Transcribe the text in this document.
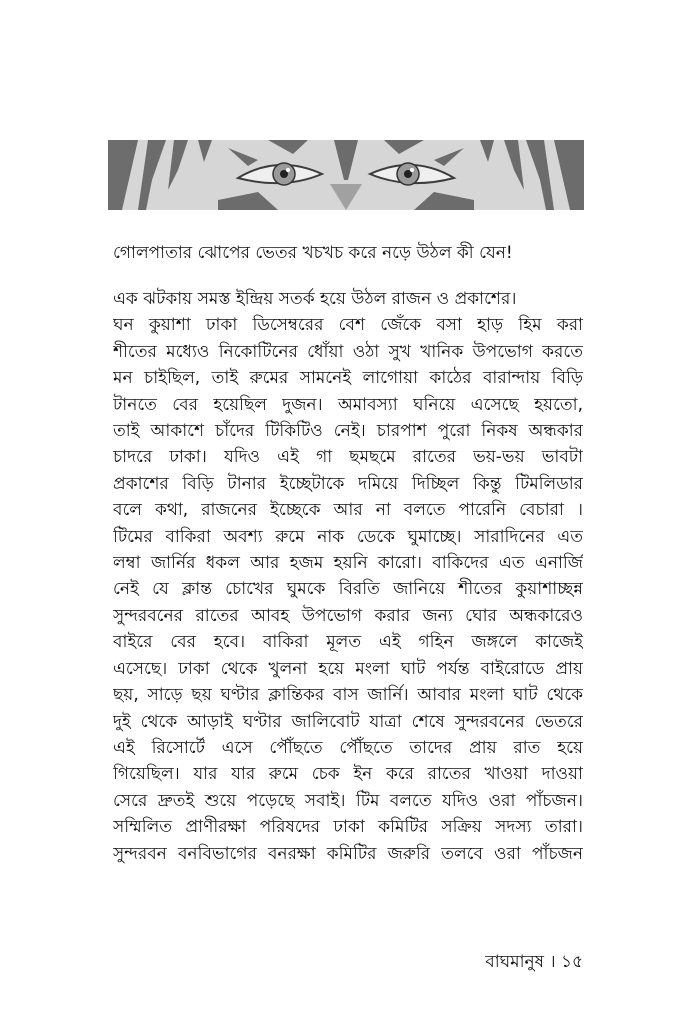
গোলপাতার ঝোপের ভেতর খচখচ করে নড়ে উঠল কী যেন!

এক ঝটকায় সমস্ত ইন্দ্রিয় সতর্ক হয়ে উঠল রাজন ও প্রকাশের।
ঘন কুয়াশা ঢাকা ডিসেম্বরের বেশ জেঁকে বসা হাড় হিম করা
শীতের মধ্যেও নিকোটিনের ধোঁয়া ওঠা সুখ খানিক উপভোগ করতে
মন চাইছিল, তাই রুমের সামনেই লাগোয়া কাঠের বারান্দায় বিড়ি
টানতে বের হয়েছিল দুজন। অমাবস্যা ঘনিয়ে এসেছে হয়তো,
তাই আকাশে চাঁদের টিকিটিও নেই। চারপাশ পুরো নিকষ অন্ধকার
চাদরে ঢাকা। যদিও এই গা ছমছমে রাতের ভয়-ভয় ভাবটা
প্রকাশের বিড়ি টানার ইচ্ছেটাকে দমিয়ে দিচ্ছিল কিন্তু টিমলিডার
বলে কথা, রাজনের ইচ্ছেকে আর না বলতে পারেনি বেচারা ।
টিমের বাকিরা অবশ্য রুমে নাক ডেকে ঘুমাচ্ছে। সারাদিনের এত
লম্বা জার্নির ধকল আর হজম হয়নি কারো। বাকিদের এত এনার্জি
নেই যে ক্লান্ত চোখের ঘুমকে বিরতি জানিয়ে শীতের কুয়াশাচ্ছন্ন
সুন্দরবনের রাতের আবহ উপভোগ করার জন্য ঘোর অন্ধকারেও
বাইরে বের হবে। বাকিরা মূলত এই গহিন জঙ্গলে কাজেই
এসেছে। ঢাকা থেকে খুলনা হয়ে মংলা ঘাট পর্যন্ত বাইরোডে প্রায়
ছয়, সাড়ে ছয় ঘণ্টার ক্লান্তিকর বাস জার্নি। আবার মংলা ঘাট থেকে
দুই থেকে আড়াই ঘণ্টার জালিবোট যাত্রা শেষে সুন্দরবনের ভেতরে
এই রিসোর্টে এসে পৌঁছতে পৌঁছতে তাদের প্রায় রাত হয়ে
গিয়েছিল। যার যার রুমে চেক ইন করে রাতের খাওয়া দাওয়া
সেরে দ্রুতই শুয়ে পড়েছে সবাই। টিম বলতে যদিও ওরা পাঁচজন।
সম্মিলিত প্রাণীরক্ষা পরিষদের ঢাকা কমিটির সক্রিয় সদস্য তারা।
সুন্দরবন বনবিভাগের বনরক্ষা কমিটির জরুরি তলবে ওরা পাঁচজন

বাঘমানুষ । ১৫
